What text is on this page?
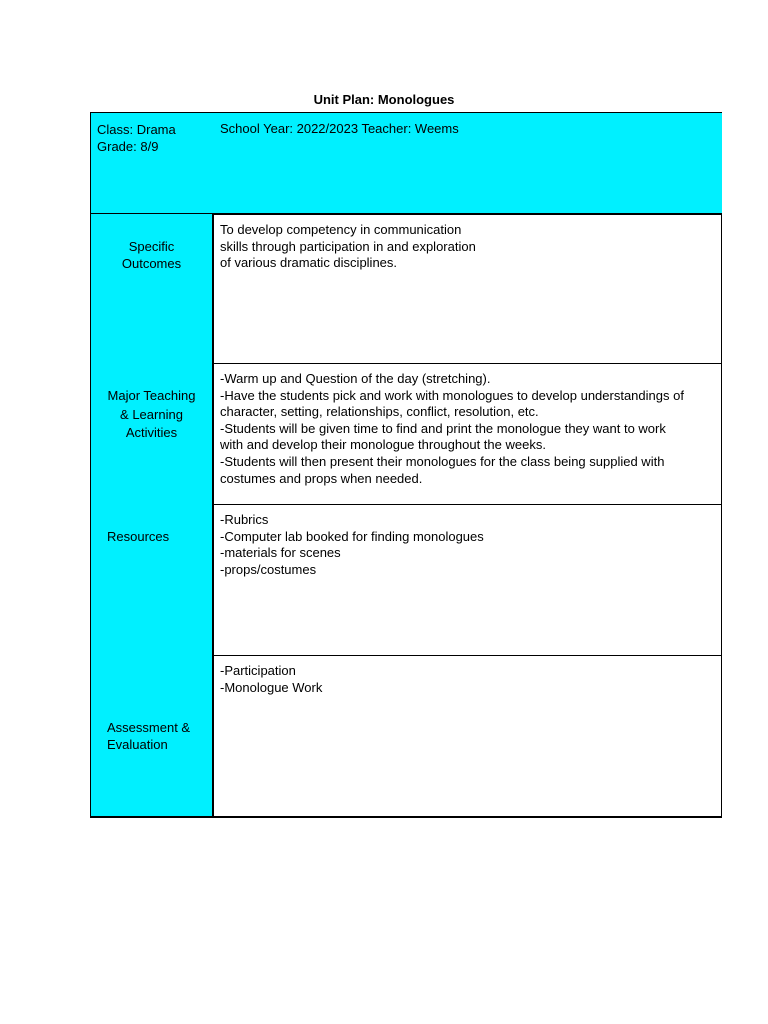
Unit Plan: Monologues
Class: Drama
Grade: 8/9
School Year: 2022/2023 Teacher: Weems
Specific
Outcomes
To develop competency in communication
skills through participation in and exploration
of various dramatic disciplines.
Major Teaching
& Learning
Activities
-Warm up and Question of the day (stretching).
-Have the students pick and work with monologues to develop understandings of
character, setting, relationships, conflict, resolution, etc.
-Students will be given time to find and print the monologue they want to work
with and develop their monologue throughout the weeks.
-Students will then present their monologues for the class being supplied with
costumes and props when needed.
Resources
-Rubrics
-Computer lab booked for finding monologues
-materials for scenes
-props/costumes
Assessment &
Evaluation
-Participation
-Monologue Work
